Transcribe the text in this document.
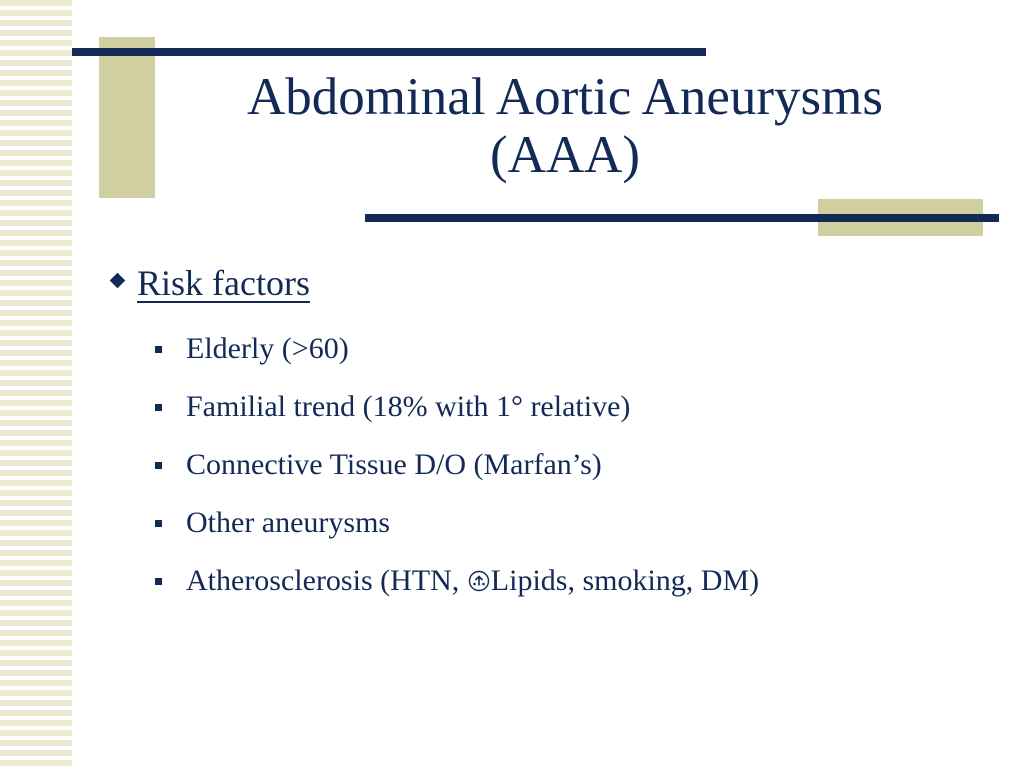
Abdominal Aortic Aneurysms
(AAA)
Risk factors
Elderly (>60)
Familial trend (18% with 1° relative)
Connective Tissue D/O (Marfan’s)
Other aneurysms
Atherosclerosis (HTN, Lipids, smoking, DM)
